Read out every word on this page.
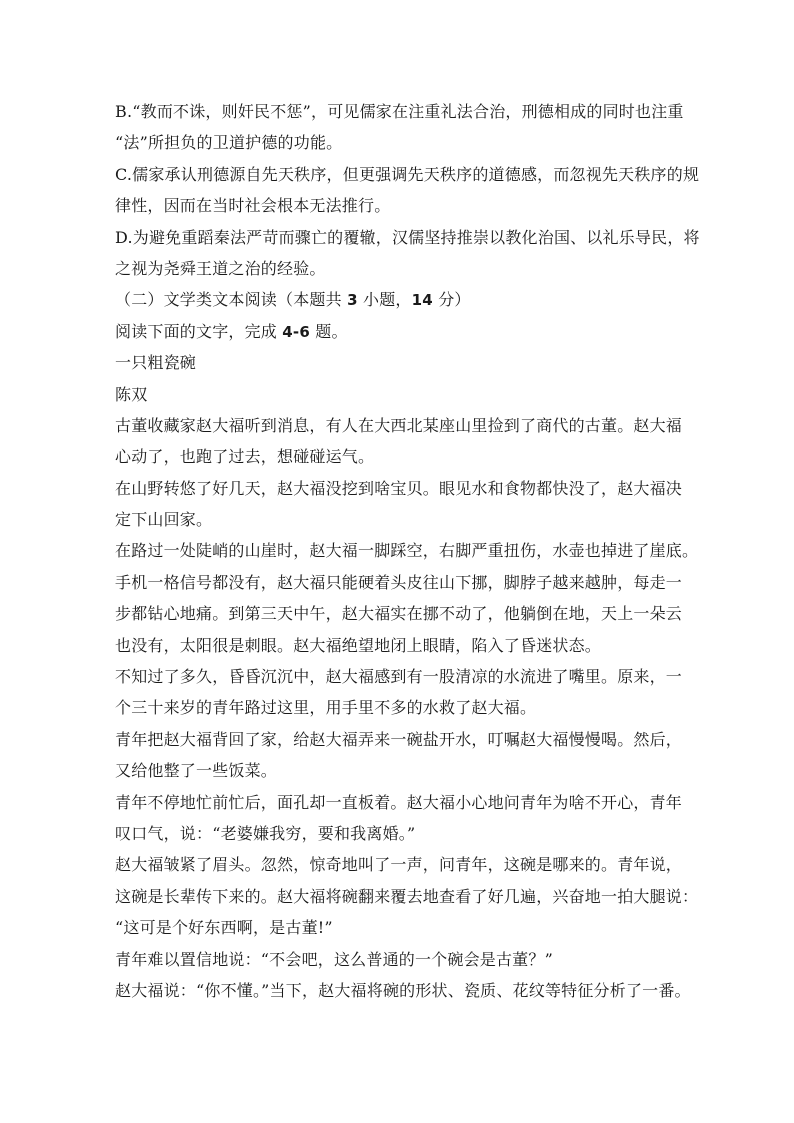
B.“教而不诛，则奸民不惩”，可见儒家在注重礼法合治，刑德相成的同时也注重
“法”所担负的卫道护德的功能。
C.儒家承认刑德源自先天秩序，但更强调先天秩序的道德感，而忽视先天秩序的规
律性，因而在当时社会根本无法推行。
D.为避免重蹈秦法严苛而骤亡的覆辙，汉儒坚持推崇以教化治国、以礼乐导民，将
之视为尧舜王道之治的经验。
（二）文学类文本阅读（本题共 3 小题，14 分）
阅读下面的文字，完成 4-6 题。
一只粗瓷碗
陈双
古董收藏家赵大福听到消息，有人在大西北某座山里捡到了商代的古董。赵大福
心动了，也跑了过去，想碰碰运气。
在山野转悠了好几天，赵大福没挖到啥宝贝。眼见水和食物都快没了，赵大福决
定下山回家。
在路过一处陡峭的山崖时，赵大福一脚踩空，右脚严重扭伤，水壶也掉进了崖底。
手机一格信号都没有，赵大福只能硬着头皮往山下挪，脚脖子越来越肿，每走一
步都钻心地痛。到第三天中午，赵大福实在挪不动了，他躺倒在地，天上一朵云
也没有，太阳很是刺眼。赵大福绝望地闭上眼睛，陷入了昏迷状态。
不知过了多久，昏昏沉沉中，赵大福感到有一股清凉的水流进了嘴里。原来，一
个三十来岁的青年路过这里，用手里不多的水救了赵大福。
青年把赵大福背回了家，给赵大福弄来一碗盐开水，叮嘱赵大福慢慢喝。然后，
又给他整了一些饭菜。
青年不停地忙前忙后，面孔却一直板着。赵大福小心地问青年为啥不开心，青年
叹口气，说：“老婆嫌我穷，要和我离婚。”
赵大福皱紧了眉头。忽然，惊奇地叫了一声，问青年，这碗是哪来的。青年说，
这碗是长辈传下来的。赵大福将碗翻来覆去地查看了好几遍，兴奋地一拍大腿说：
“这可是个好东西啊，是古董!”
青年难以置信地说：“不会吧，这么普通的一个碗会是古董？”
赵大福说：“你不懂。”当下，赵大福将碗的形状、瓷质、花纹等特征分析了一番。
